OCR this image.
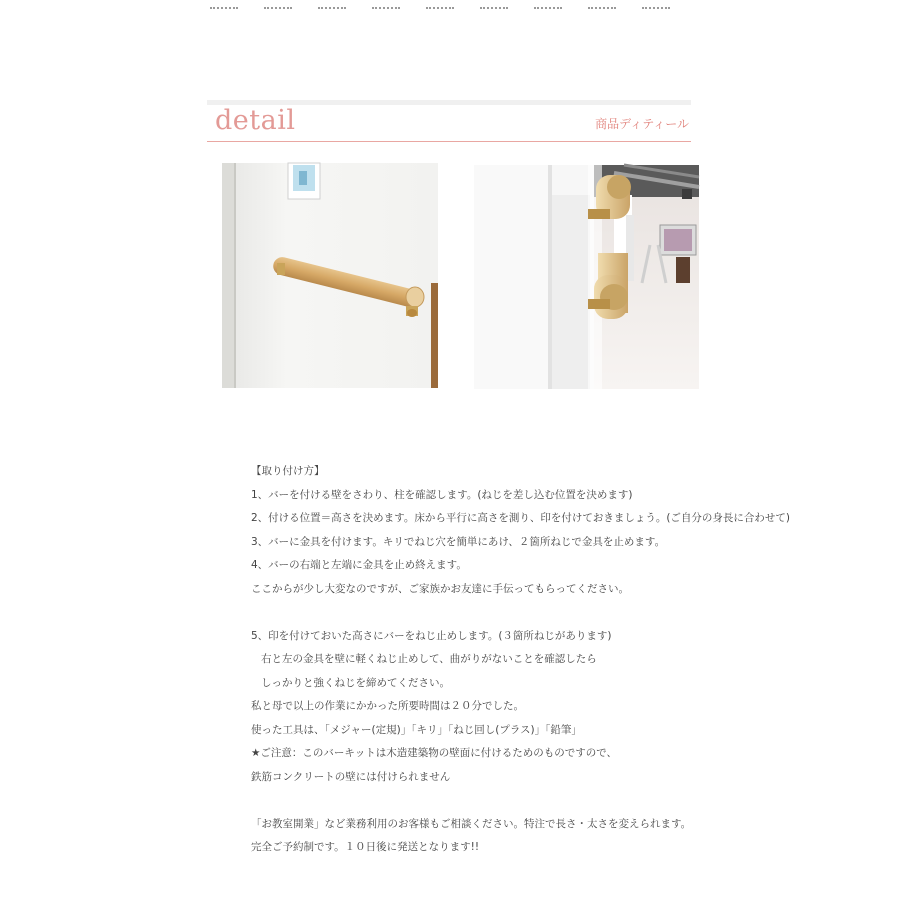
detail	商品ディティール
【取り付け方】
1、バーを付ける壁をさわり、柱を確認します。(ねじを差し込む位置を決めます)
2、付ける位置＝高さを決めます。床から平行に高さを測り、印を付けておきましょう。(ご自分の身長に合わせて)
3、バーに金具を付けます。キリでねじ穴を簡単にあけ、２箇所ねじで金具を止めます。
4、バーの右端と左端に金具を止め終えます。
ここからが少し大変なのですが、ご家族かお友達に手伝ってもらってください。
5、印を付けておいた高さにバーをねじ止めします。(３箇所ねじがあります)
右と左の金具を壁に軽くねじ止めして、曲がりがないことを確認したら
しっかりと強くねじを締めてください。
私と母で以上の作業にかかった所要時間は２０分でした。
使った工具は、「メジャー(定規)」「キリ」「ねじ回し(プラス)」「鉛筆」
★ご注意：このバーキットは木造建築物の壁面に付けるためのものですので、
鉄筋コンクリートの壁には付けられません
「お教室開業」など業務利用のお客様もご相談ください。特注で長さ・太さを変えられます。
完全ご予約制です。１０日後に発送となります!!
